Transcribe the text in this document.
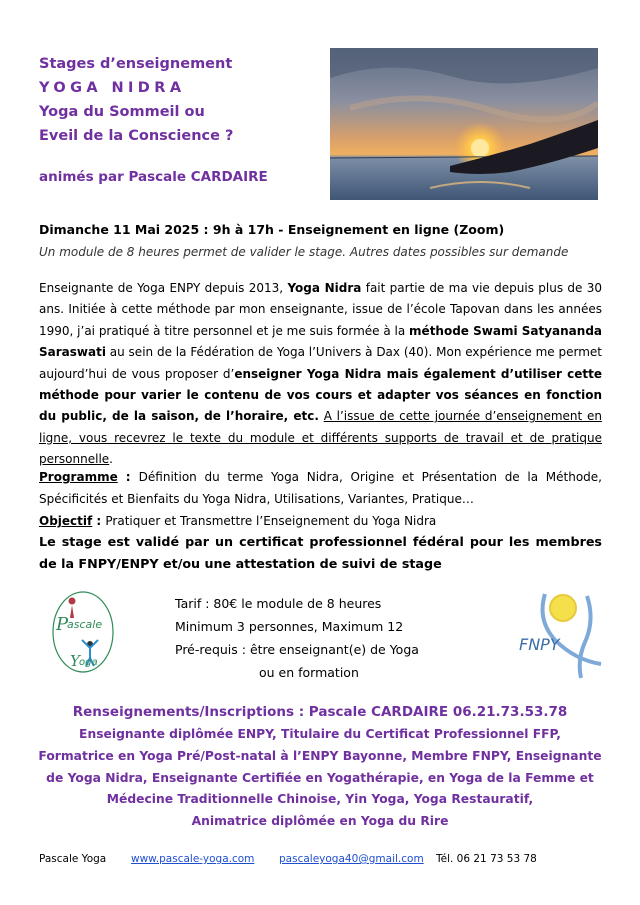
Stages d’enseignement
YOGA NIDRA
Yoga du Sommeil ou
Eveil de la Conscience ?
animés par Pascale CARDAIRE
Dimanche 11 Mai 2025 : 9h à 17h - Enseignement en ligne (Zoom)
Un module de 8 heures permet de valider le stage. Autres dates possibles sur demande
Enseignante de Yoga ENPY depuis 2013, Yoga Nidra fait partie de ma vie depuis plus de 30 ans. Initiée à cette méthode par mon enseignante, issue de l’école Tapovan dans les années 1990, j’ai pratiqué à titre personnel et je me suis formée à la méthode Swami Satyananda Saraswati au sein de la Fédération de Yoga l’Univers à Dax (40). Mon expérience me permet aujourd’hui de vous proposer d’enseigner Yoga Nidra mais également d’utiliser cette méthode pour varier le contenu de vos cours et adapter vos séances en fonction du public, de la saison, de l’horaire, etc. A l’issue de cette journée d’enseignement en ligne, vous recevrez le texte du module et différents supports de travail et de pratique personnelle.
Programme : Définition du terme Yoga Nidra, Origine et Présentation de la Méthode, Spécificités et Bienfaits du Yoga Nidra, Utilisations, Variantes, Pratique…
Objectif : Pratiquer et Transmettre l’Enseignement du Yoga Nidra
Le stage est validé par un certificat professionnel fédéral pour les membres de la FNPY/ENPY et/ou une attestation de suivi de stage
P
ascale
Y oga
Tarif : 80€ le module de 8 heures
Minimum 3 personnes, Maximum 12
Pré-requis : être enseignant(e) de Yoga
ou en formation
FNPY
Renseignements/Inscriptions : Pascale CARDAIRE 06.21.73.53.78
Enseignante diplômée ENPY, Titulaire du Certificat Professionnel FFP,
Formatrice en Yoga Pré/Post-natal à l’ENPY Bayonne, Membre FNPY, Enseignante
de Yoga Nidra, Enseignante Certifiée en Yogathérapie, en Yoga de la Femme et
Médecine Traditionnelle Chinoise, Yin Yoga, Yoga Restauratif,
Animatrice diplômée en Yoga du Rire
Pascale Yoga www.pascale-yoga.com pascaleyoga40@gmail.com Tél. 06 21 73 53 78
